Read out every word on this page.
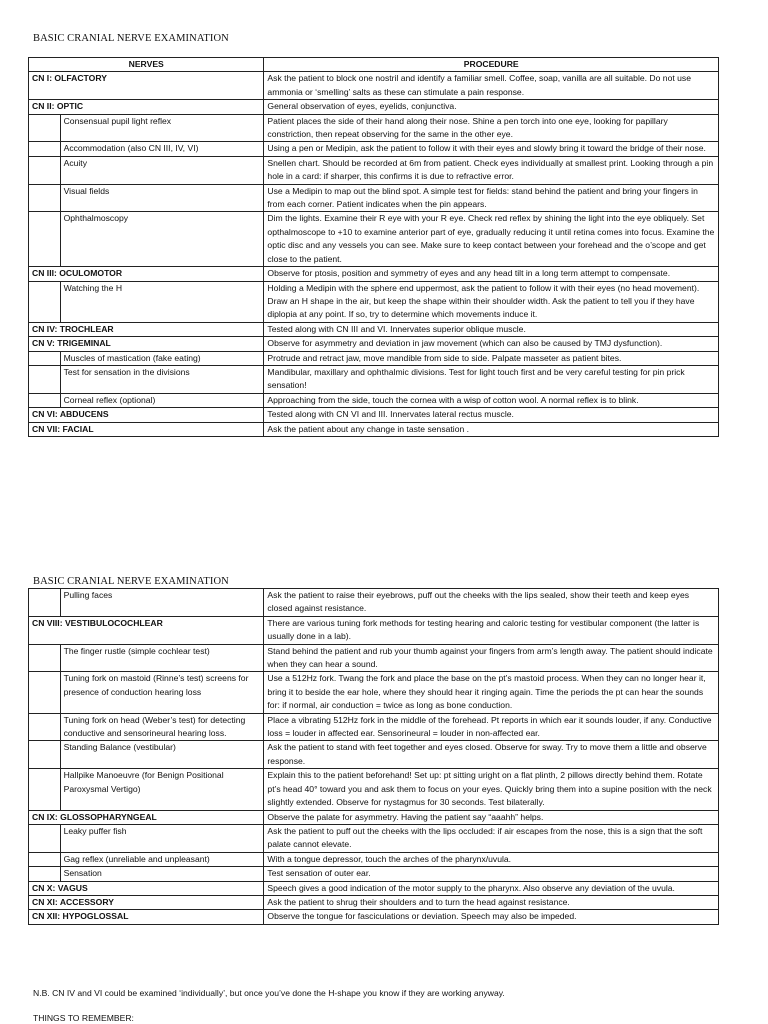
BASIC CRANIAL NERVE EXAMINATION
NERVES		PROCEDURE
CN I: OLFACTORY		Ask the patient to block one nostril and identify a familiar smell. Coffee, soap, vanilla are all suitable. Do not use ammonia or ‘smelling’ salts as these can stimulate a pain response.
CN II: OPTIC		General observation of eyes, eyelids, conjunctiva.
	Consensual pupil light reflex	Patient places the side of their hand along their nose. Shine a pen torch into one eye, looking for papillary constriction, then repeat observing for the same in the other eye.
	Accommodation (also CN III, IV, VI)	Using a pen or Medipin, ask the patient to follow it with their eyes and slowly bring it toward the bridge of their nose.
	Acuity	Snellen chart. Should be recorded at 6m from patient. Check eyes individually at smallest print. Looking through a pin hole in a card: if sharper, this confirms it is due to refractive error.
	Visual fields	Use a Medipin to map out the blind spot. A simple test for fields: stand behind the patient and bring your fingers in from each corner. Patient indicates when the pin appears.
	Ophthalmoscopy	Dim the lights. Examine their R eye with your R eye. Check red reflex by shining the light into the eye obliquely. Set opthalmoscope to +10 to examine anterior part of eye, gradually reducing it until retina comes into focus. Examine the optic disc and any vessels you can see. Make sure to keep contact between your forehead and the o’scope and get close to the patient.
CN III: OCULOMOTOR		Observe for ptosis, position and symmetry of eyes and any head tilt in a long term attempt to compensate.
	Watching the H	Holding a Medipin with the sphere end uppermost, ask the patient to follow it with their eyes (no head movement). Draw an H shape in the air, but keep the shape within their shoulder width. Ask the patient to tell you if they have diplopia at any point. If so, try to determine which movements induce it.
CN IV: TROCHLEAR		Tested along with CN III and VI. Innervates superior oblique muscle.
CN V: TRIGEMINAL		Observe for asymmetry and deviation in jaw movement (which can also be caused by TMJ dysfunction).
	Muscles of mastication (fake eating)	Protrude and retract jaw, move mandible from side to side. Palpate masseter as patient bites.
	Test for sensation in the divisions	Mandibular, maxillary and ophthalmic divisions. Test for light touch first and be very careful testing for pin prick sensation!
	Corneal reflex (optional)	Approaching from the side, touch the cornea with a wisp of cotton wool. A normal reflex is to blink.
CN VI: ABDUCENS		Tested along with CN VI and III. Innervates lateral rectus muscle.
CN VII: FACIAL		Ask the patient about any change in taste sensation .
BASIC CRANIAL NERVE EXAMINATION
	Pulling faces	Ask the patient to raise their eyebrows, puff out the cheeks with the lips sealed, show their teeth and keep eyes closed against resistance.
CN VIII: VESTIBULOCOCHLEAR		There are various tuning fork methods for testing hearing and caloric testing for vestibular component (the latter is usually done in a lab).
	The finger rustle (simple cochlear test)	Stand behind the patient and rub your thumb against your fingers from arm’s length away. The patient should indicate when they can hear a sound.
	Tuning fork on mastoid (Rinne’s test) screens for presence of conduction hearing loss	Use a 512Hz fork. Twang the fork and place the base on the pt’s mastoid process. When they can no longer hear it, bring it to beside the ear hole, where they should hear it ringing again. Time the periods the pt can hear the sounds for: if normal, air conduction = twice as long as bone conduction.
	Tuning fork on head (Weber’s test) for detecting conductive and sensorineural hearing loss.	Place a vibrating 512Hz fork in the middle of the forehead. Pt reports in which ear it sounds louder, if any. Conductive loss = louder in affected ear. Sensorineural = louder in non-affected ear.
	Standing Balance (vestibular)	Ask the patient to stand with feet together and eyes closed. Observe for sway. Try to move them a little and observe response.
	Hallpike Manoeuvre (for Benign Positional Paroxysmal Vertigo)	Explain this to the patient beforehand! Set up: pt sitting uright on a flat plinth, 2 pillows directly behind them. Rotate pt’s head 40° toward you and ask them to focus on your eyes. Quickly bring them into a supine position with the neck slightly extended. Observe for nystagmus for 30 seconds. Test bilaterally.
CN IX: GLOSSOPHARYNGEAL		Observe the palate for asymmetry. Having the patient say “aaahh” helps.
	Leaky puffer fish	Ask the patient to puff out the cheeks with the lips occluded: if air escapes from the nose, this is a sign that the soft palate cannot elevate.
	Gag reflex (unreliable and unpleasant)	With a tongue depressor, touch the arches of the pharynx/uvula.
	Sensation	Test sensation of outer ear.
CN X: VAGUS		Speech gives a good indication of the motor supply to the pharynx. Also observe any deviation of the uvula.
CN XI: ACCESSORY		Ask the patient to shrug their shoulders and to turn the head against resistance.
CN XII: HYPOGLOSSAL		Observe the tongue for fasciculations or deviation. Speech may also be impeded.
N.B. CN IV and VI could be examined ‘individually’, but once you’ve done the H-shape you know if they are working anyway.
THINGS TO REMEMBER:
